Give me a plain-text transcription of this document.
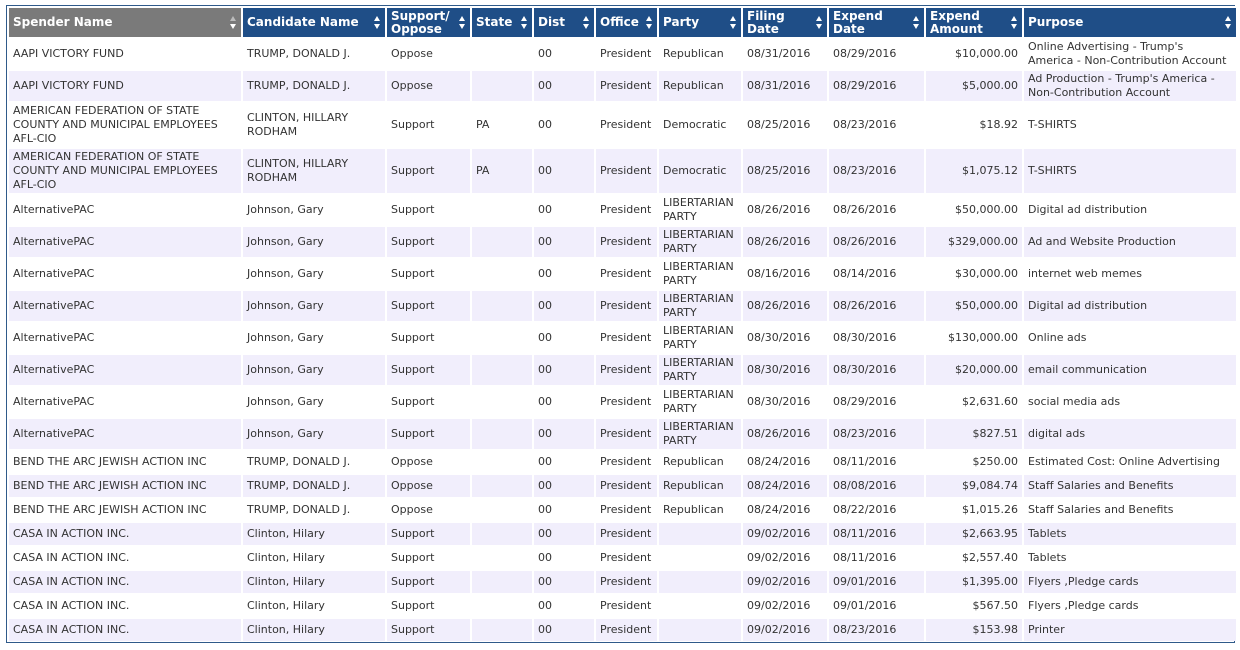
Spender Name	Candidate Name	Support/ Oppose	State	Dist	Office	Party	Filing Date	Expend Date	Expend Amount	Purpose

AAPI VICTORY FUND	TRUMP, DONALD J.	Oppose		00	President	Republican	08/31/2016	08/29/2016	$10,000.00	Online Advertising - Trump's America - Non-Contribution Account
AAPI VICTORY FUND	TRUMP, DONALD J.	Oppose		00	President	Republican	08/31/2016	08/29/2016	$5,000.00	Ad Production - Trump's America - Non-Contribution Account
AMERICAN FEDERATION OF STATE COUNTY AND MUNICIPAL EMPLOYEES AFL-CIO	CLINTON, HILLARY RODHAM	Support	PA	00	President	Democratic	08/25/2016	08/23/2016	$18.92	T-SHIRTS
AMERICAN FEDERATION OF STATE COUNTY AND MUNICIPAL EMPLOYEES AFL-CIO	CLINTON, HILLARY RODHAM	Support	PA	00	President	Democratic	08/25/2016	08/23/2016	$1,075.12	T-SHIRTS
AlternativePAC	Johnson, Gary	Support		00	President	LIBERTARIAN PARTY	08/26/2016	08/26/2016	$50,000.00	Digital ad distribution
AlternativePAC	Johnson, Gary	Support		00	President	LIBERTARIAN PARTY	08/26/2016	08/26/2016	$329,000.00	Ad and Website Production
AlternativePAC	Johnson, Gary	Support		00	President	LIBERTARIAN PARTY	08/16/2016	08/14/2016	$30,000.00	internet web memes
AlternativePAC	Johnson, Gary	Support		00	President	LIBERTARIAN PARTY	08/26/2016	08/26/2016	$50,000.00	Digital ad distribution
AlternativePAC	Johnson, Gary	Support		00	President	LIBERTARIAN PARTY	08/30/2016	08/30/2016	$130,000.00	Online ads
AlternativePAC	Johnson, Gary	Support		00	President	LIBERTARIAN PARTY	08/30/2016	08/30/2016	$20,000.00	email communication
AlternativePAC	Johnson, Gary	Support		00	President	LIBERTARIAN PARTY	08/30/2016	08/29/2016	$2,631.60	social media ads
AlternativePAC	Johnson, Gary	Support		00	President	LIBERTARIAN PARTY	08/26/2016	08/23/2016	$827.51	digital ads
BEND THE ARC JEWISH ACTION INC	TRUMP, DONALD J.	Oppose		00	President	Republican	08/24/2016	08/11/2016	$250.00	Estimated Cost: Online Advertising
BEND THE ARC JEWISH ACTION INC	TRUMP, DONALD J.	Oppose		00	President	Republican	08/24/2016	08/08/2016	$9,084.74	Staff Salaries and Benefits
BEND THE ARC JEWISH ACTION INC	TRUMP, DONALD J.	Oppose		00	President	Republican	08/24/2016	08/22/2016	$1,015.26	Staff Salaries and Benefits
CASA IN ACTION INC.	Clinton, Hilary	Support		00	President		09/02/2016	08/11/2016	$2,663.95	Tablets
CASA IN ACTION INC.	Clinton, Hilary	Support		00	President		09/02/2016	08/11/2016	$2,557.40	Tablets
CASA IN ACTION INC.	Clinton, Hilary	Support		00	President		09/02/2016	09/01/2016	$1,395.00	Flyers ,Pledge cards
CASA IN ACTION INC.	Clinton, Hilary	Support		00	President		09/02/2016	09/01/2016	$567.50	Flyers ,Pledge cards
CASA IN ACTION INC.	Clinton, Hilary	Support		00	President		09/02/2016	08/23/2016	$153.98	Printer
